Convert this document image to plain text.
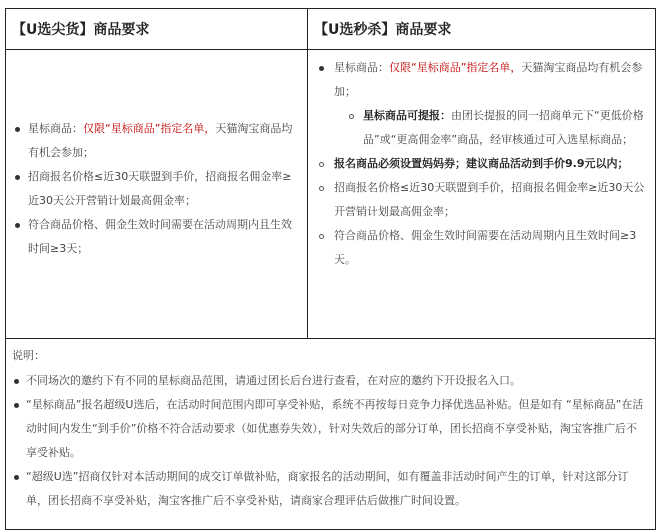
【U选尖货】商品要求	【U选秒杀】商品要求
星标商品：仅限“星标商品”指定名单，天猫淘宝商品均有机会参加；
招商报名价格≤近30天联盟到手价，招商报名佣金率≥近30天公开营销计划最高佣金率；
符合商品价格、佣金生效时间需要在活动周期内且生效时间≥3天；
星标商品：仅限“星标商品”指定名单，天猫淘宝商品均有机会参加；
星标商品可提报：由团长提报的同一招商单元下“更低价格品”或“更高佣金率”商品，经审核通过可入选星标商品；
报名商品必须设置妈妈券；建议商品活动到手价9.9元以内；
招商报名价格≤近30天联盟到手价，招商报名佣金率≥近30天公开营销计划最高佣金率；
符合商品价格、佣金生效时间需要在活动周期内且生效时间≥3天。
说明：
不同场次的邀约下有不同的星标商品范围，请通过团长后台进行查看，在对应的邀约下开设报名入口。
“星标商品”报名超级U选后，在活动时间范围内即可享受补贴，系统不再按每日竞争力择优选品补贴。但是如有 “星标商品”在活动时间内发生“到手价”价格不符合活动要求（如优惠券失效），针对失效后的部分订单，团长招商不享受补贴，淘宝客推广后不享受补贴。
“超级U选”招商仅针对本活动期间的成交订单做补贴，商家报名的活动期间，如有覆盖非活动时间产生的订单，针对这部分订单，团长招商不享受补贴，淘宝客推广后不享受补贴，请商家合理评估后做推广时间设置。
